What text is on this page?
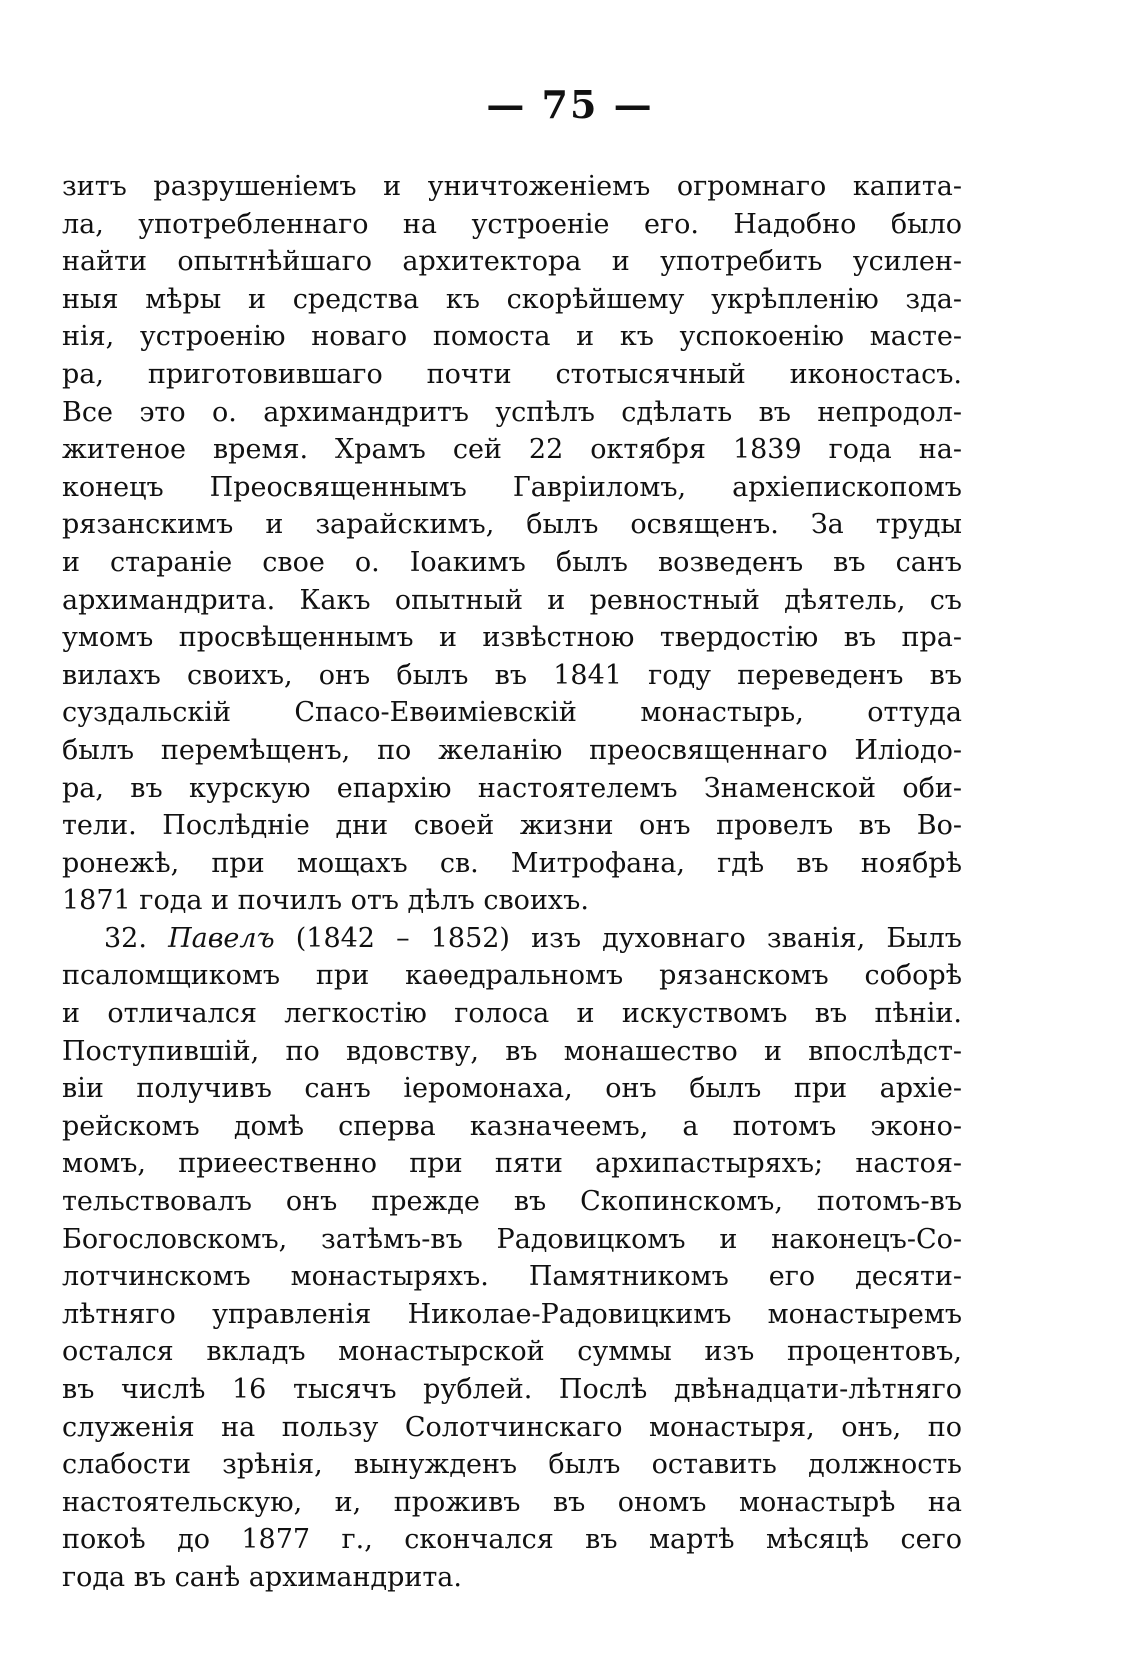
— 75 —
зитъ разрушеніемъ и уничтоженіемъ огромнаго капита-
ла, употребленнаго на устроеніе его. Надобно было
найти опытнѣйшаго архитектора и употребить усилен-
ныя мѣры и средства къ скорѣйшему укрѣпленію зда-
нія, устроенію новаго помоста и къ успокоенію масте-
ра, приготовившаго почти стотысячный иконостасъ.
Все это о. архимандритъ успѣлъ сдѣлать въ непродол-
житеное время. Храмъ сей 22 октября 1839 года на-
конецъ Преосвященнымъ Гавріиломъ, архіепископомъ
рязанскимъ и зарайскимъ, былъ освященъ. За труды
и стараніе свое о. Іоакимъ былъ возведенъ въ санъ
архимандрита. Какъ опытный и ревностный дѣятель, съ
умомъ просвѣщеннымъ и извѣстною твердостію въ пра-
вилахъ своихъ, онъ былъ въ 1841 году переведенъ въ
суздальскій Спасо-Евѳиміевскій монастырь, оттуда
былъ перемѣщенъ, по желанію преосвященнаго Иліодо-
ра, въ курскую епархію настоятелемъ Знаменской оби-
тели. Послѣдніе дни своей жизни онъ провелъ въ Во-
ронежѣ, при мощахъ св. Митрофана, гдѣ въ ноябрѣ
1871 года и почилъ отъ дѣлъ своихъ.
32. Павелъ (1842 – 1852) изъ духовнаго званія, Былъ
псаломщикомъ при каѳедральномъ рязанскомъ соборѣ
и отличался легкостію голоса и искуствомъ въ пѣніи.
Поступившій, по вдовству, въ монашество и впослѣдст-
віи получивъ санъ іеромонаха, онъ былъ при архіе-
рейскомъ домѣ сперва казначеемъ, а потомъ эконо-
момъ, приеественно при пяти архипастыряхъ; настоя-
тельствовалъ онъ прежде въ Скопинскомъ, потомъ-въ
Богословскомъ, затѣмъ-въ Радовицкомъ и наконецъ-Со-
лотчинскомъ монастыряхъ. Памятникомъ его десяти-
лѣтняго управленія Николае-Радовицкимъ монастыремъ
остался вкладъ монастырской суммы изъ процентовъ,
въ числѣ 16 тысячъ рублей. Послѣ двѣнадцати-лѣтняго
служенія на пользу Солотчинскаго монастыря, онъ, по
слабости зрѣнія, вынужденъ былъ оставить должность
настоятельскую, и, проживъ въ ономъ монастырѣ на
покоѣ до 1877 г., скончался въ мартѣ мѣсяцѣ сего
года въ санѣ архимандрита.
